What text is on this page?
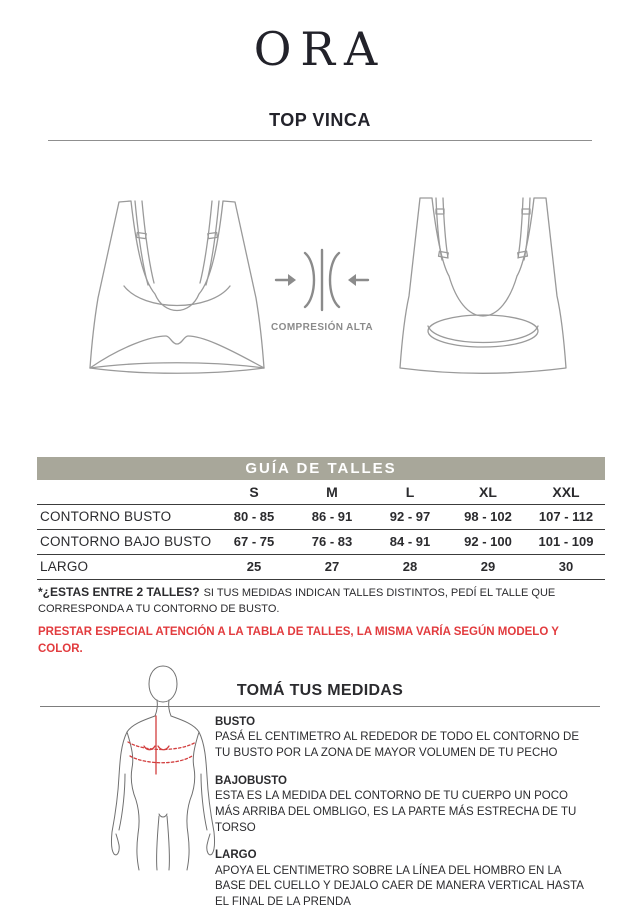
ORA
TOP VINCA
COMPRESIÓN ALTA
GUÍA DE TALLES
	S	M	L	XL	XXL
CONTORNO BUSTO	80 - 85	86 - 91	92 - 97	98 - 102	107 - 112
CONTORNO BAJO BUSTO	67 - 75	76 - 83	84 - 91	92 - 100	101 - 109
LARGO	25	27	28	29	30

*¿ESTAS ENTRE 2 TALLES? SI TUS MEDIDAS INDICAN TALLES DISTINTOS, PEDÍ EL TALLE QUE CORRESPONDA A TU CONTORNO DE BUSTO.

PRESTAR ESPECIAL ATENCIÓN A LA TABLA DE TALLES, LA MISMA VARÍA SEGÚN MODELO Y COLOR.

TOMÁ TUS MEDIDAS
BUSTO
PASÁ EL CENTIMETRO AL REDEDOR DE TODO EL CONTORNO DE TU BUSTO POR LA ZONA DE MAYOR VOLUMEN DE TU PECHO
BAJOBUSTO
ESTA ES LA MEDIDA DEL CONTORNO DE TU CUERPO UN POCO MÁS ARRIBA DEL OMBLIGO, ES LA PARTE MÁS ESTRECHA DE TU TORSO
LARGO
APOYA EL CENTIMETRO SOBRE LA LÍNEA DEL HOMBRO EN LA BASE DEL CUELLO Y DEJALO CAER DE MANERA VERTICAL HASTA EL FINAL DE LA PRENDA
